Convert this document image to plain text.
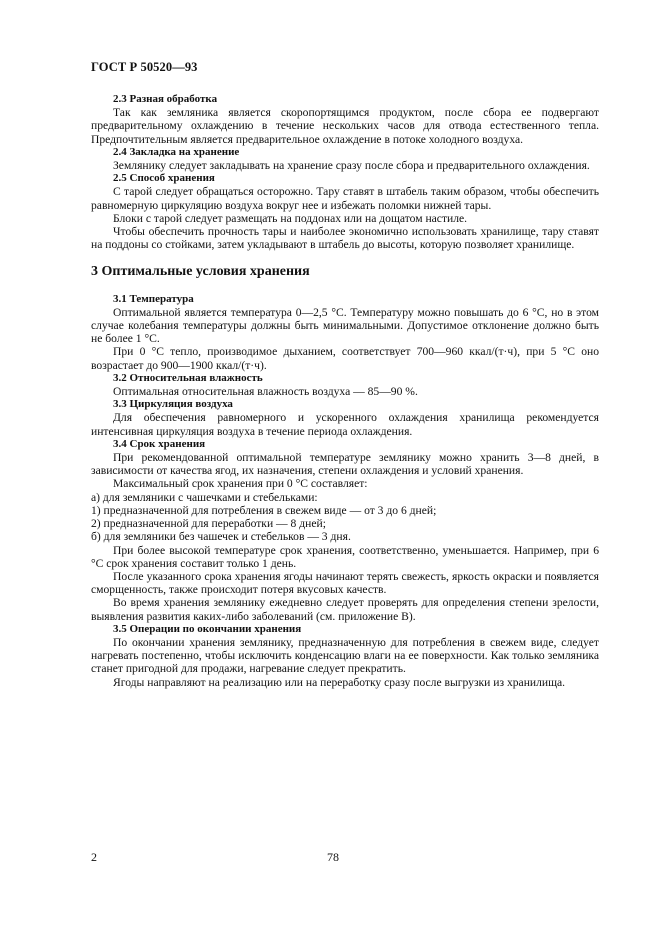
ГОСТ Р 50520—93

2.3 Разная обработка

Так как земляника является скоропортящимся продуктом, после сбора ее подвергают предварительному охлаждению в течение нескольких часов для отвода естественного тепла. Предпочтительным является предварительное охлаждение в потоке холодного воздуха.

2.4 Закладка на хранение

Землянику следует закладывать на хранение сразу после сбора и предварительного охлаждения.

2.5 Способ хранения

С тарой следует обращаться осторожно. Тару ставят в штабель таким образом, чтобы обеспечить равномерную циркуляцию воздуха вокруг нее и избежать поломки нижней тары.

Блоки с тарой следует размещать на поддонах или на дощатом настиле.

Чтобы обеспечить прочность тары и наиболее экономично использовать хранилище, тару ставят на поддоны со стойками, затем укладывают в штабель до высоты, которую позволяет хранилище.

3 Оптимальные условия хранения

3.1 Температура

Оптимальной является температура 0—2,5 °С. Температуру можно повышать до 6 °С, но в этом случае колебания температуры должны быть минимальными. Допустимое отклонение должно быть не более 1 °С.

При 0 °С тепло, производимое дыханием, соответствует 700—960 ккал/(т·ч), при 5 °С оно возрастает до 900—1900 ккал/(т·ч).

3.2 Относительная влажность

Оптимальная относительная влажность воздуха — 85—90 %.

3.3 Циркуляция воздуха

Для обеспечения равномерного и ускоренного охлаждения хранилища рекомендуется интенсивная циркуляция воздуха в течение периода охлаждения.

3.4 Срок хранения

При рекомендованной оптимальной температуре землянику можно хранить 3—8 дней, в зависимости от качества ягод, их назначения, степени охлаждения и условий хранения.

Максимальный срок хранения при 0 °С составляет:

а) для земляники с чашечками и стебельками:

1) предназначенной для потребления в свежем виде — от 3 до 6 дней;

2) предназначенной для переработки — 8 дней;

б) для земляники без чашечек и стебельков — 3 дня.

При более высокой температуре срок хранения, соответственно, уменьшается. Например, при 6 °С срок хранения составит только 1 день.

После указанного срока хранения ягоды начинают терять свежесть, яркость окраски и появляется сморщенность, также происходит потеря вкусовых качеств.

Во время хранения землянику ежедневно следует проверять для определения степени зрелости, выявления развития каких-либо заболеваний (см. приложение В).

3.5 Операции по окончании хранения

По окончании хранения землянику, предназначенную для потребления в свежем виде, следует нагревать постепенно, чтобы исключить конденсацию влаги на ее поверхности. Как только земляника станет пригодной для продажи, нагревание следует прекратить.

Ягоды направляют на реализацию или на переработку сразу после выгрузки из хранилища.

2	78
